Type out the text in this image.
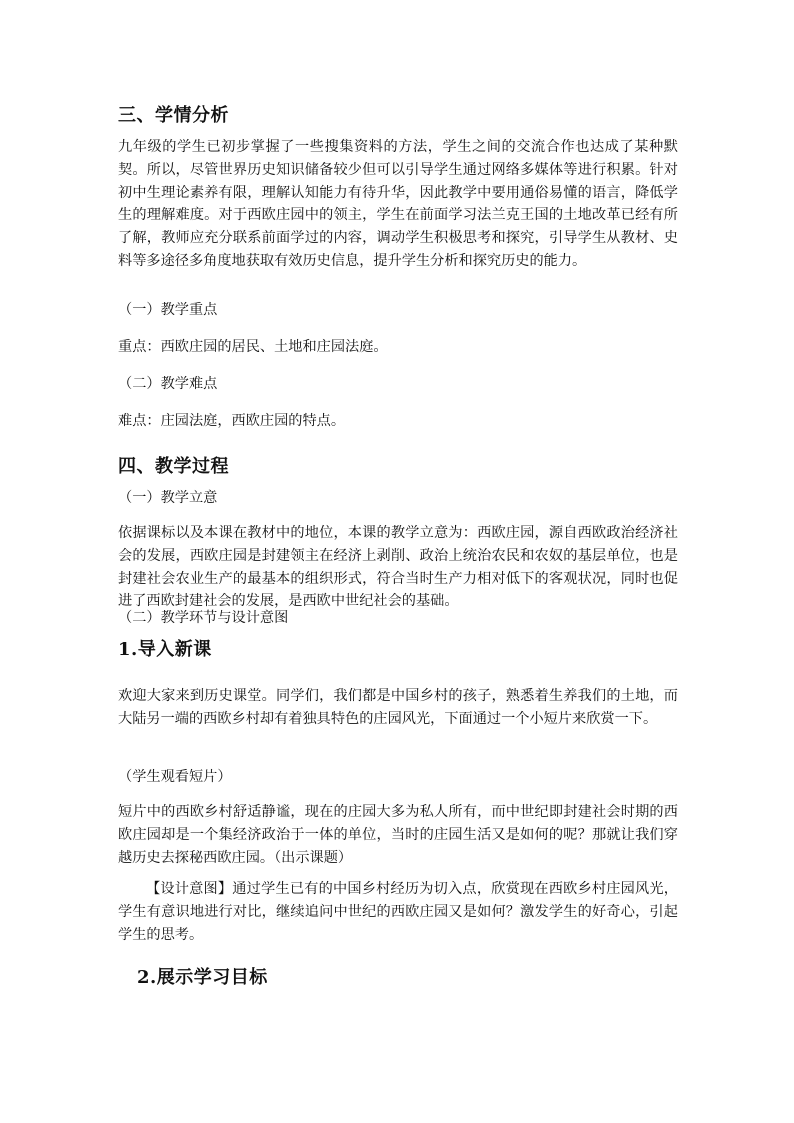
三、学情分析

九年级的学生已初步掌握了一些搜集资料的方法，学生之间的交流合作也达成了某种默契。所以，尽管世界历史知识储备较少但可以引导学生通过网络多媒体等进行积累。针对初中生理论素养有限，理解认知能力有待升华，因此教学中要用通俗易懂的语言，降低学生的理解难度。对于西欧庄园中的领主，学生在前面学习法兰克王国的土地改革已经有所了解，教师应充分联系前面学过的内容，调动学生积极思考和探究，引导学生从教材、史料等多途径多角度地获取有效历史信息，提升学生分析和探究历史的能力。

（一）教学重点
重点：西欧庄园的居民、土地和庄园法庭。
（二）教学难点
难点：庄园法庭，西欧庄园的特点。
四、教学过程
（一）教学立意

依据课标以及本课在教材中的地位，本课的教学立意为：西欧庄园，源自西欧政治经济社会的发展，西欧庄园是封建领主在经济上剥削、政治上统治农民和农奴的基层单位，也是封建社会农业生产的最基本的组织形式，符合当时生产力相对低下的客观状况，同时也促进了西欧封建社会的发展，是西欧中世纪社会的基础。

（二）教学环节与设计意图
1.导入新课

欢迎大家来到历史课堂。同学们，我们都是中国乡村的孩子，熟悉着生养我们的土地，而大陆另一端的西欧乡村却有着独具特色的庄园风光，下面通过一个小短片来欣赏一下。

（学生观看短片）

短片中的西欧乡村舒适静谧，现在的庄园大多为私人所有，而中世纪即封建社会时期的西欧庄园却是一个集经济政治于一体的单位，当时的庄园生活又是如何的呢？那就让我们穿越历史去探秘西欧庄园。（出示课题）

【设计意图】通过学生已有的中国乡村经历为切入点，欣赏现在西欧乡村庄园风光，学生有意识地进行对比，继续追问中世纪的西欧庄园又是如何？激发学生的好奇心，引起学生的思考。

2.展示学习目标
